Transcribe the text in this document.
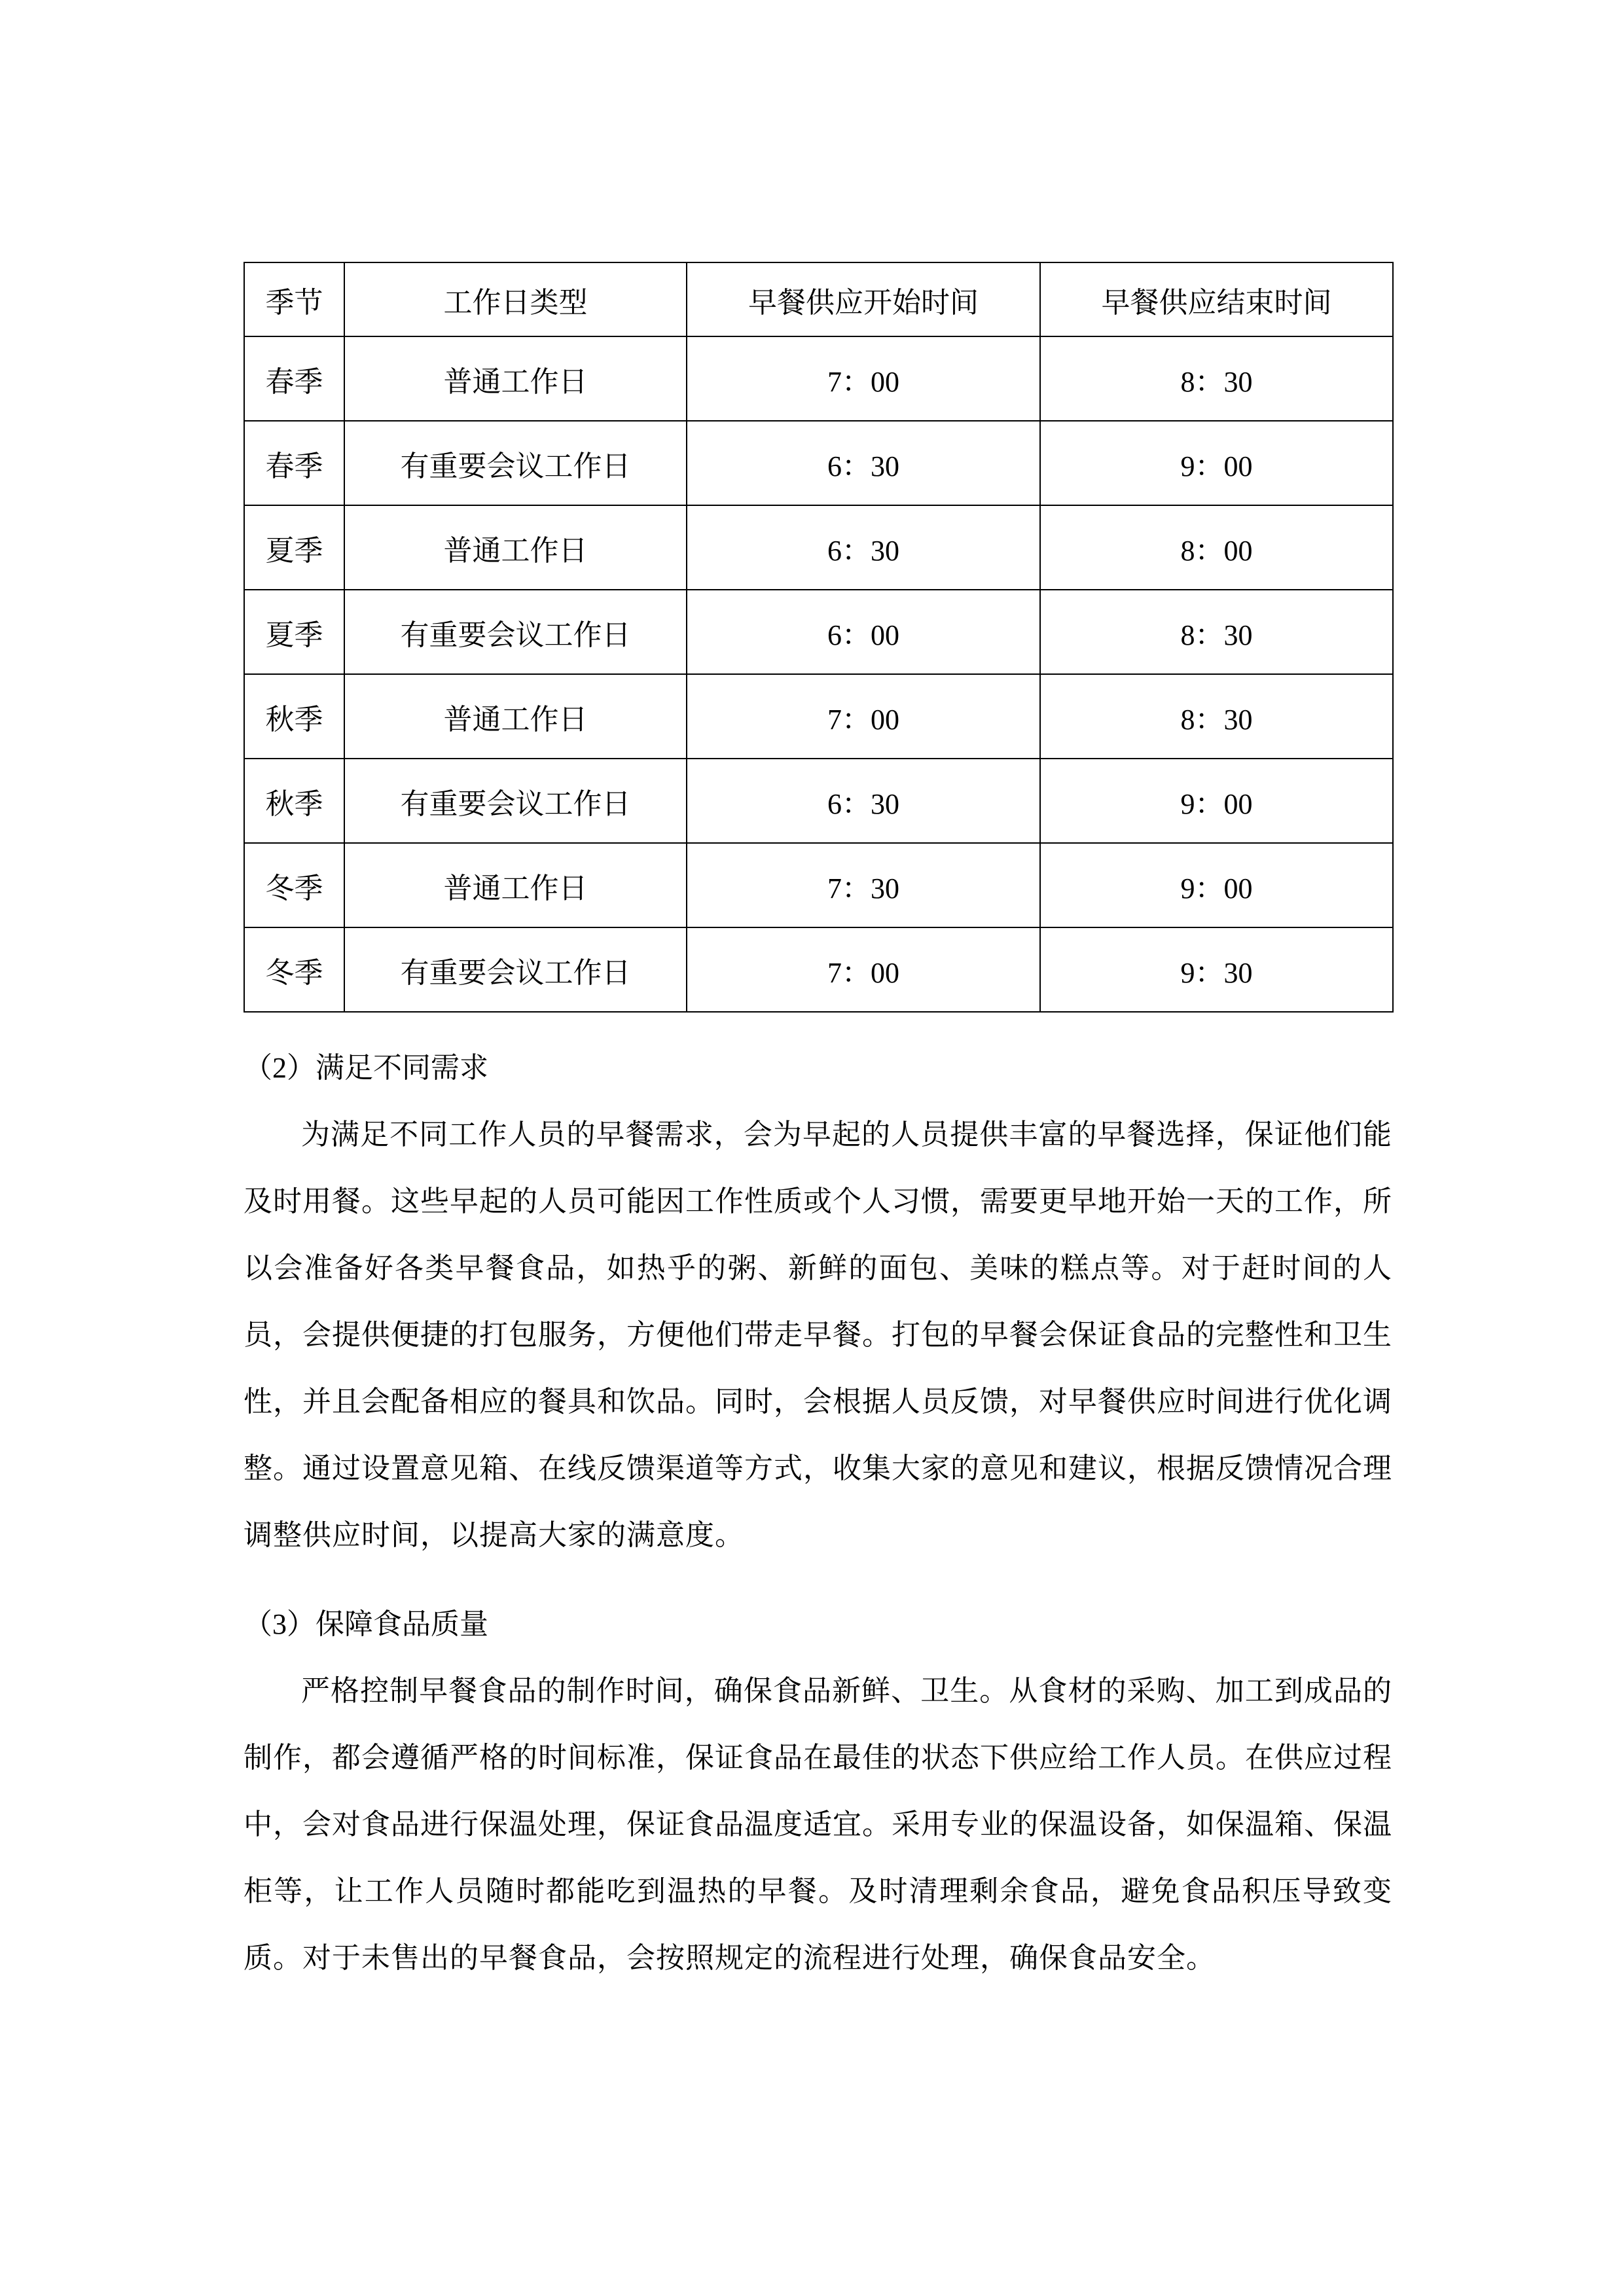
季节	工作日类型	早餐供应开始时间	早餐供应结束时间
春季	普通工作日	7：00	8：30
春季	有重要会议工作日	6：30	9：00
夏季	普通工作日	6：30	8：00
夏季	有重要会议工作日	6：00	8：30
秋季	普通工作日	7：00	8：30
秋季	有重要会议工作日	6：30	9：00
冬季	普通工作日	7：30	9：00
冬季	有重要会议工作日	7：00	9：30
（2）满足不同需求

为满足不同工作人员的早餐需求，会为早起的人员提供丰富的早餐选择，保证他们能及时用餐。这些早起的人员可能因工作性质或个人习惯，需要更早地开始一天的工作，所以会准备好各类早餐食品，如热乎的粥、新鲜的面包、美味的糕点等。对于赶时间的人员，会提供便捷的打包服务，方便他们带走早餐。打包的早餐会保证食品的完整性和卫生性，并且会配备相应的餐具和饮品。同时，会根据人员反馈，对早餐供应时间进行优化调整。通过设置意见箱、在线反馈渠道等方式，收集大家的意见和建议，根据反馈情况合理调整供应时间，以提高大家的满意度。

（3）保障食品质量

严格控制早餐食品的制作时间，确保食品新鲜、卫生。从食材的采购、加工到成品的制作，都会遵循严格的时间标准，保证食品在最佳的状态下供应给工作人员。在供应过程中，会对食品进行保温处理，保证食品温度适宜。采用专业的保温设备，如保温箱、保温柜等，让工作人员随时都能吃到温热的早餐。及时清理剩余食品，避免食品积压导致变质。对于未售出的早餐食品，会按照规定的流程进行处理，确保食品安全。
